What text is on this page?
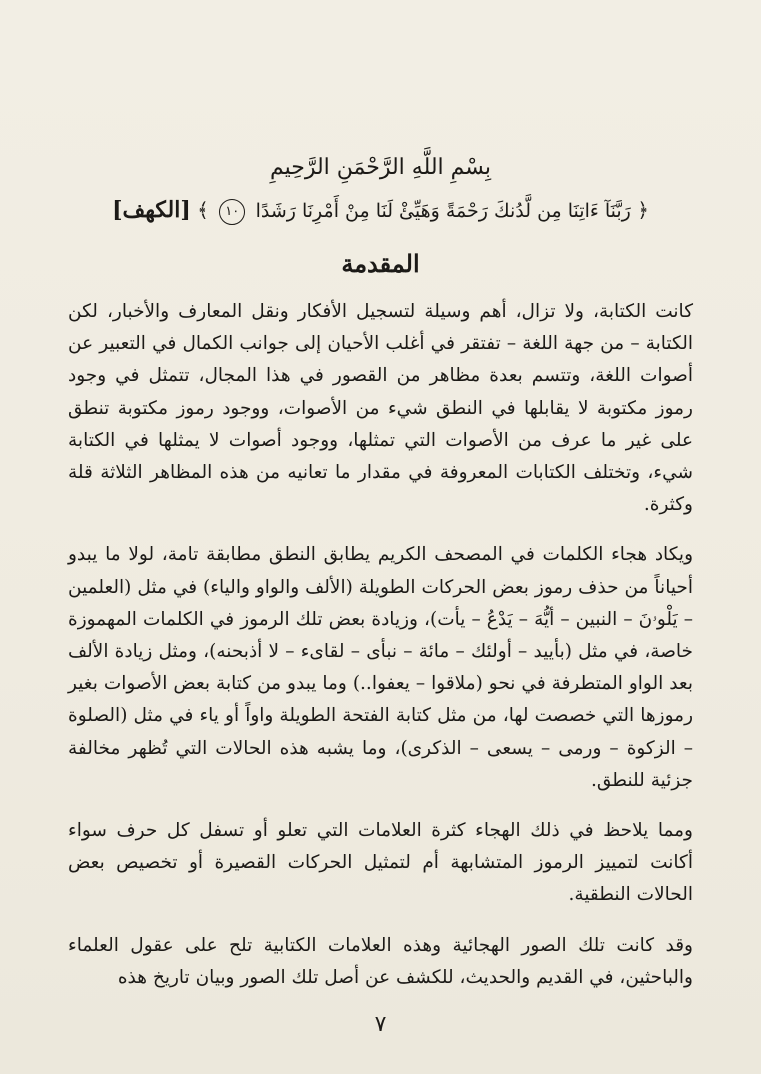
بِسْمِ اللَّهِ الرَّحْمَنِ الرَّحِيمِ
﴿ رَبَّنَآ ءَاتِنَا مِن لَّدُنكَ رَحْمَةً وَهَيِّئْ لَنَا مِنْ أَمْرِنَا رَشَدًا ١٠ ﴾ [الكهف]
المقدمة

كانت الكتابة، ولا تزال، أهم وسيلة لتسجيل الأفكار ونقل المعارف والأخبار، لكن الكتابة – من جهة اللغة – تفتقر في أغلب الأحيان إلى جوانب الكمال في التعبير عن أصوات اللغة، وتتسم بعدة مظاهر من القصور في هذا المجال، تتمثل في وجود رموز مكتوبة لا يقابلها في النطق شيء من الأصوات، ووجود رموز مكتوبة تنطق على غير ما عرف من الأصوات التي تمثلها، ووجود أصوات لا يمثلها في الكتابة شيء، وتختلف الكتابات المعروفة في مقدار ما تعانيه من هذه المظاهر الثلاثة قلة وكثرة.

ويكاد هجاء الكلمات في المصحف الكريم يطابق النطق مطابقة تامة، لولا ما يبدو أحياناً من حذف رموز بعض الحركات الطويلة (الألف والواو والياء) في مثل (العلمين – يَلْوۥنَ – النبين – أيُّهَ – يَدْعُ – يأت)، وزيادة بعض تلك الرموز في الكلمات المهموزة خاصة، في مثل (بأييد – أولئك – مائة – نبأى – لقاىء – لا أذبحنه)، ومثل زيادة الألف بعد الواو المتطرفة في نحو (ملاقوا – يعفوا..) وما يبدو من كتابة بعض الأصوات بغير رموزها التي خصصت لها، من مثل كتابة الفتحة الطويلة واواً أو ياء في مثل (الصلوة – الزكوة – ورمى – يسعى – الذكرى)، وما يشبه هذه الحالات التي تُظهر مخالفة جزئية للنطق.

ومما يلاحظ في ذلك الهجاء كثرة العلامات التي تعلو أو تسفل كل حرف سواء أكانت لتمييز الرموز المتشابهة أم لتمثيل الحركات القصيرة أو تخصيص بعض الحالات النطقية.

وقد كانت تلك الصور الهجائية وهذه العلامات الكتابية تلح على عقول العلماء والباحثين، في القديم والحديث، للكشف عن أصل تلك الصور وبيان تاريخ هذه

٧
